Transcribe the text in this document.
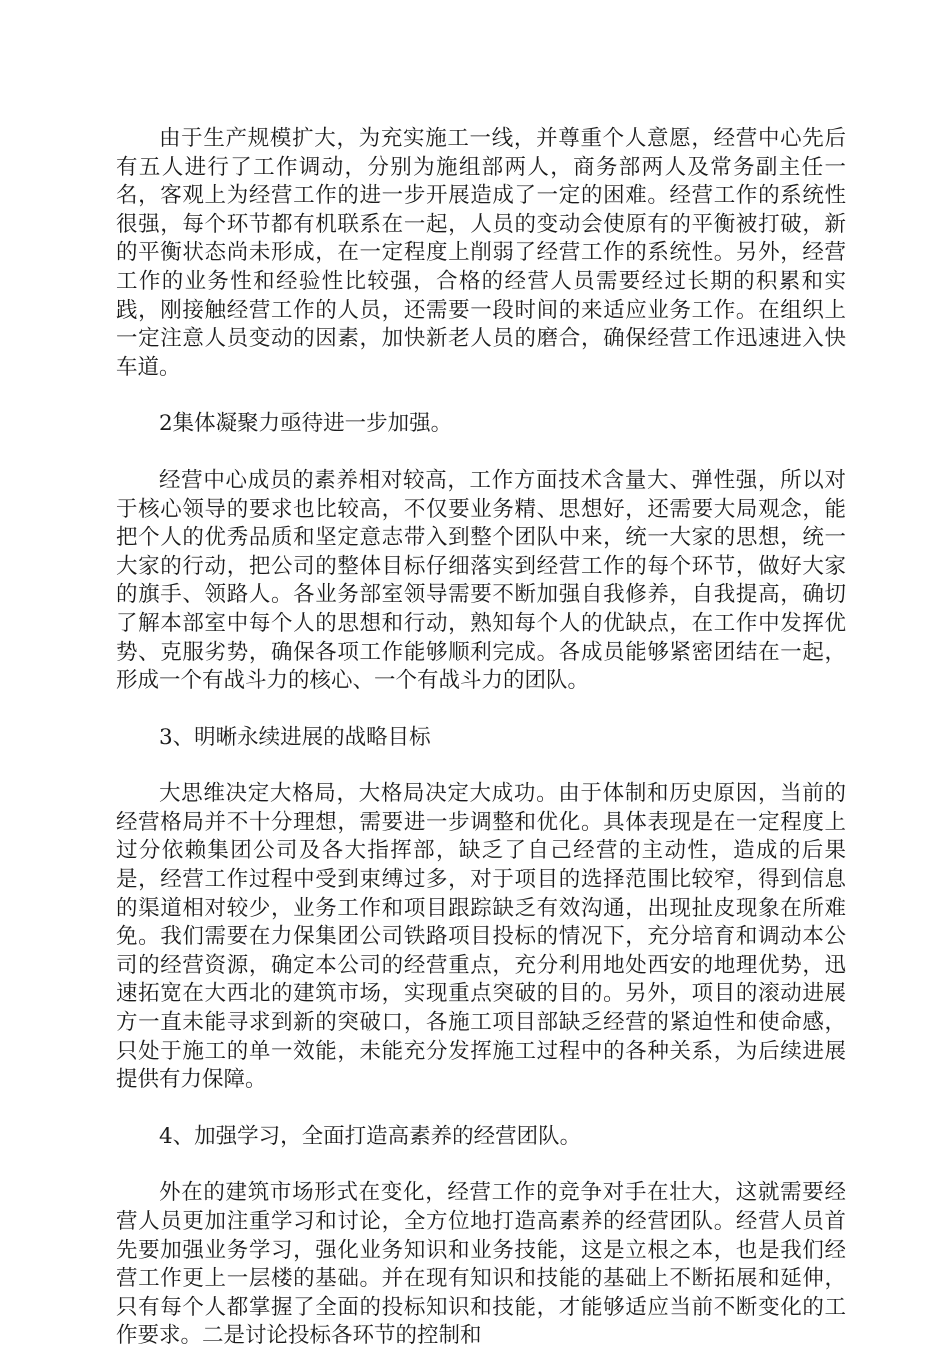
由于生产规模扩大，为充实施工一线，并尊重个人意愿，经营中心先后有五人进行了工作调动，分别为施组部两人，商务部两人及常务副主任一名，客观上为经营工作的进一步开展造成了一定的困难。经营工作的系统性很强，每个环节都有机联系在一起，人员的变动会使原有的平衡被打破，新的平衡状态尚未形成，在一定程度上削弱了经营工作的系统性。另外，经营工作的业务性和经验性比较强，合格的经营人员需要经过长期的积累和实践，刚接触经营工作的人员，还需要一段时间的来适应业务工作。在组织上一定注意人员变动的因素，加快新老人员的磨合，确保经营工作迅速进入快车道。

2集体凝聚力亟待进一步加强。

经营中心成员的素养相对较高，工作方面技术含量大、弹性强，所以对于核心领导的要求也比较高，不仅要业务精、思想好，还需要大局观念，能把个人的优秀品质和坚定意志带入到整个团队中来，统一大家的思想，统一大家的行动，把公司的整体目标仔细落实到经营工作的每个环节，做好大家的旗手、领路人。各业务部室领导需要不断加强自我修养，自我提高，确切了解本部室中每个人的思想和行动，熟知每个人的优缺点，在工作中发挥优势、克服劣势，确保各项工作能够顺利完成。各成员能够紧密团结在一起，形成一个有战斗力的核心、一个有战斗力的团队。

3、明晰永续进展的战略目标

大思维决定大格局，大格局决定大成功。由于体制和历史原因，当前的经营格局并不十分理想，需要进一步调整和优化。具体表现是在一定程度上过分依赖集团公司及各大指挥部，缺乏了自己经营的主动性，造成的后果是，经营工作过程中受到束缚过多，对于项目的选择范围比较窄，得到信息的渠道相对较少，业务工作和项目跟踪缺乏有效沟通，出现扯皮现象在所难免。我们需要在力保集团公司铁路项目投标的情况下，充分培育和调动本公司的经营资源，确定本公司的经营重点，充分利用地处西安的地理优势，迅速拓宽在大西北的建筑市场，实现重点突破的目的。另外，项目的滚动进展方一直未能寻求到新的突破口，各施工项目部缺乏经营的紧迫性和使命感，只处于施工的单一效能，未能充分发挥施工过程中的各种关系，为后续进展提供有力保障。

4、加强学习，全面打造高素养的经营团队。

外在的建筑市场形式在变化，经营工作的竞争对手在壮大，这就需要经营人员更加注重学习和讨论，全方位地打造高素养的经营团队。经营人员首先要加强业务学习，强化业务知识和业务技能，这是立根之本，也是我们经营工作更上一层楼的基础。并在现有知识和技能的基础上不断拓展和延伸，只有每个人都掌握了全面的投标知识和技能，才能够适应当前不断变化的工作要求。二是讨论投标各环节的控制和
